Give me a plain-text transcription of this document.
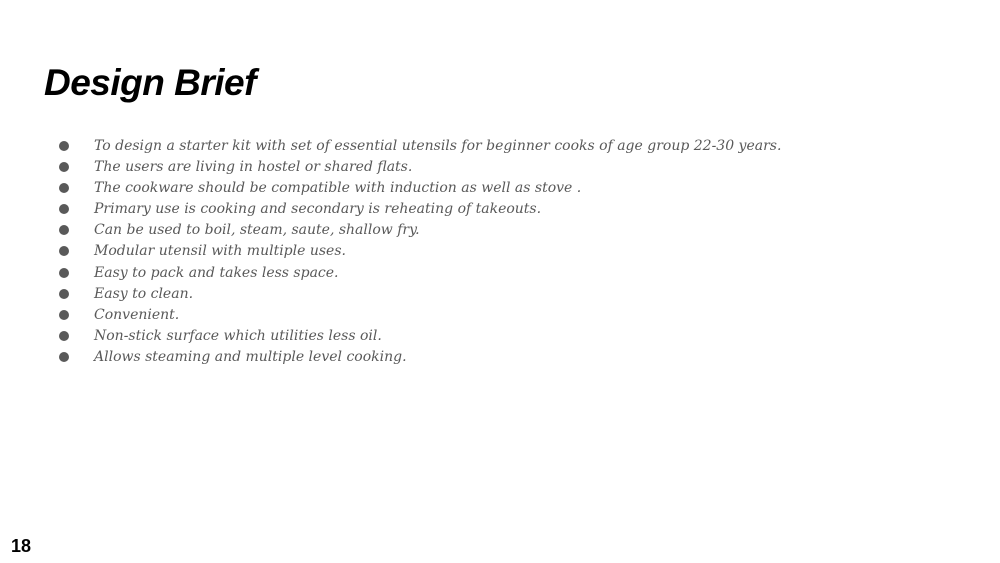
Design Brief
To design a starter kit with set of essential utensils for beginner cooks of age group 22-30 years.
The users are living in hostel or shared flats.
The cookware should be compatible with induction as well as stove .
Primary use is cooking and secondary is reheating of takeouts.
Can be used to boil, steam, saute, shallow fry.
Modular utensil with multiple uses.
Easy to pack and takes less space.
Easy to clean.
Convenient.
Non-stick surface which utilities less oil.
Allows steaming and multiple level cooking.
18
